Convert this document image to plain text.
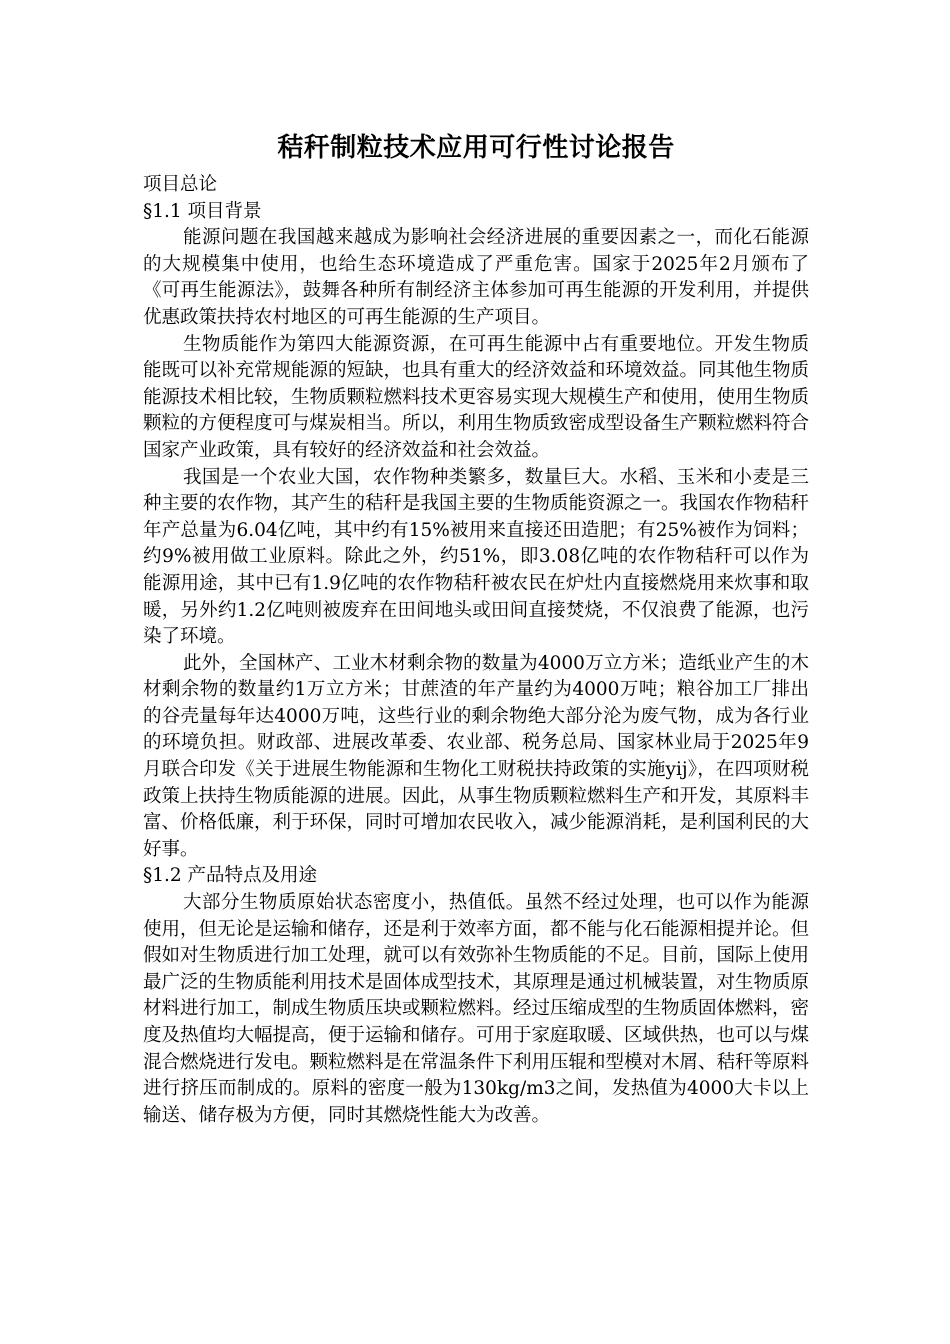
秸秆制粒技术应用可行性讨论报告

项目总论

§1.1 项目背景

能源问题在我国越来越成为影响社会经济进展的重要因素之一，而化石能源的大规模集中使用，也给生态环境造成了严重危害。国家于2025年2月颁布了《可再生能源法》，鼓舞各种所有制经济主体参加可再生能源的开发利用，并提供优惠政策扶持农村地区的可再生能源的生产项目。

生物质能作为第四大能源资源，在可再生能源中占有重要地位。开发生物质能既可以补充常规能源的短缺，也具有重大的经济效益和环境效益。同其他生物质能源技术相比较，生物质颗粒燃料技术更容易实现大规模生产和使用，使用生物质颗粒的方便程度可与煤炭相当。所以，利用生物质致密成型设备生产颗粒燃料符合国家产业政策，具有较好的经济效益和社会效益。

我国是一个农业大国，农作物种类繁多，数量巨大。水稻、玉米和小麦是三种主要的农作物，其产生的秸秆是我国主要的生物质能资源之一。我国农作物秸秆年产总量为6.04亿吨，其中约有15%被用来直接还田造肥；有25%被作为饲料；约9%被用做工业原料。除此之外，约51%，即3.08亿吨的农作物秸秆可以作为能源用途，其中已有1.9亿吨的农作物秸秆被农民在炉灶内直接燃烧用来炊事和取暖，另外约1.2亿吨则被废弃在田间地头或田间直接焚烧，不仅浪费了能源，也污染了环境。

此外，全国林产、工业木材剩余物的数量为4000万立方米；造纸业产生的木材剩余物的数量约1万立方米；甘蔗渣的年产量约为4000万吨；粮谷加工厂排出的谷壳量每年达4000万吨，这些行业的剩余物绝大部分沦为废气物，成为各行业的环境负担。财政部、进展改革委、农业部、税务总局、国家林业局于2025年9月联合印发《关于进展生物能源和生物化工财税扶持政策的实施yij》，在四项财税政策上扶持生物质能源的进展。因此，从事生物质颗粒燃料生产和开发，其原料丰富、价格低廉，利于环保，同时可增加农民收入，减少能源消耗，是利国利民的大好事。

§1.2 产品特点及用途

大部分生物质原始状态密度小，热值低。虽然不经过处理，也可以作为能源使用，但无论是运输和储存，还是利于效率方面，都不能与化石能源相提并论。但假如对生物质进行加工处理，就可以有效弥补生物质能的不足。目前，国际上使用最广泛的生物质能利用技术是固体成型技术，其原理是通过机械装置，对生物质原材料进行加工，制成生物质压块或颗粒燃料。经过压缩成型的生物质固体燃料，密度及热值均大幅提高，便于运输和储存。可用于家庭取暖、区域供热，也可以与煤混合燃烧进行发电。颗粒燃料是在常温条件下利用压辊和型模对木屑、秸秆等原料进行挤压而制成的。原料的密度一般为130kg/m3之间，发热值为4000大卡以上输送、储存极为方便，同时其燃烧性能大为改善。
